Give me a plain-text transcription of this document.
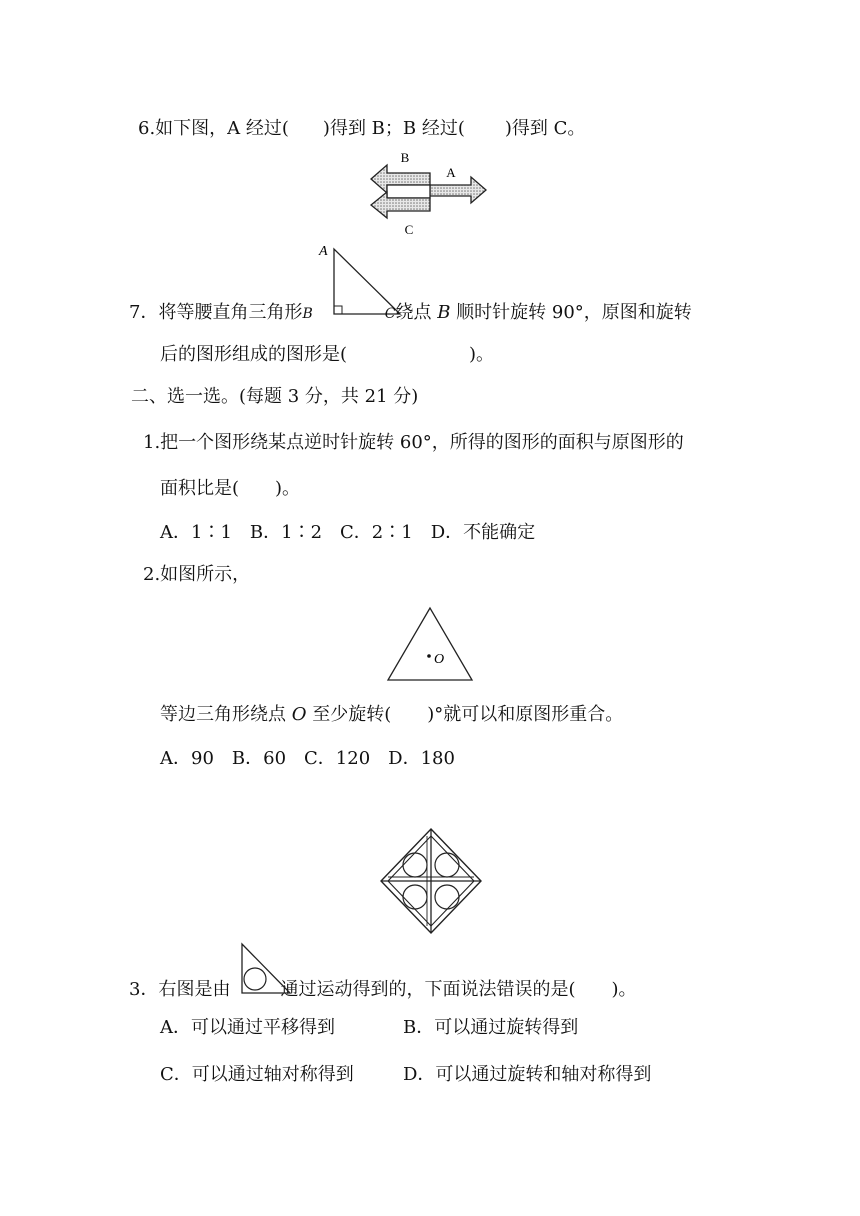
6.如下图，A 经过( )得到 B；B 经过( )得到 C。
B
A
C
A
7．将等腰直角三角形B	C绕点 B 顺时针旋转 90°，原图和旋转
后的图形组成的图形是(	)。
二、选一选。(每题 3 分，共 21 分)
1.把一个图形绕某点逆时针旋转 60°，所得的图形的面积与原图形的
面积比是(　　)。
A．1∶1　B．1∶2　C．2∶1　D．不能确定
2.如图所示，
O
等边三角形绕点 O 至少旋转(　　)°就可以和原图形重合。
A．90　B．60　C．120　D．180
3．右图是由	通过运动得到的，下面说法错误的是(　　)。
A．可以通过平移得到	B．可以通过旋转得到
C．可以通过轴对称得到	D．可以通过旋转和轴对称得到
